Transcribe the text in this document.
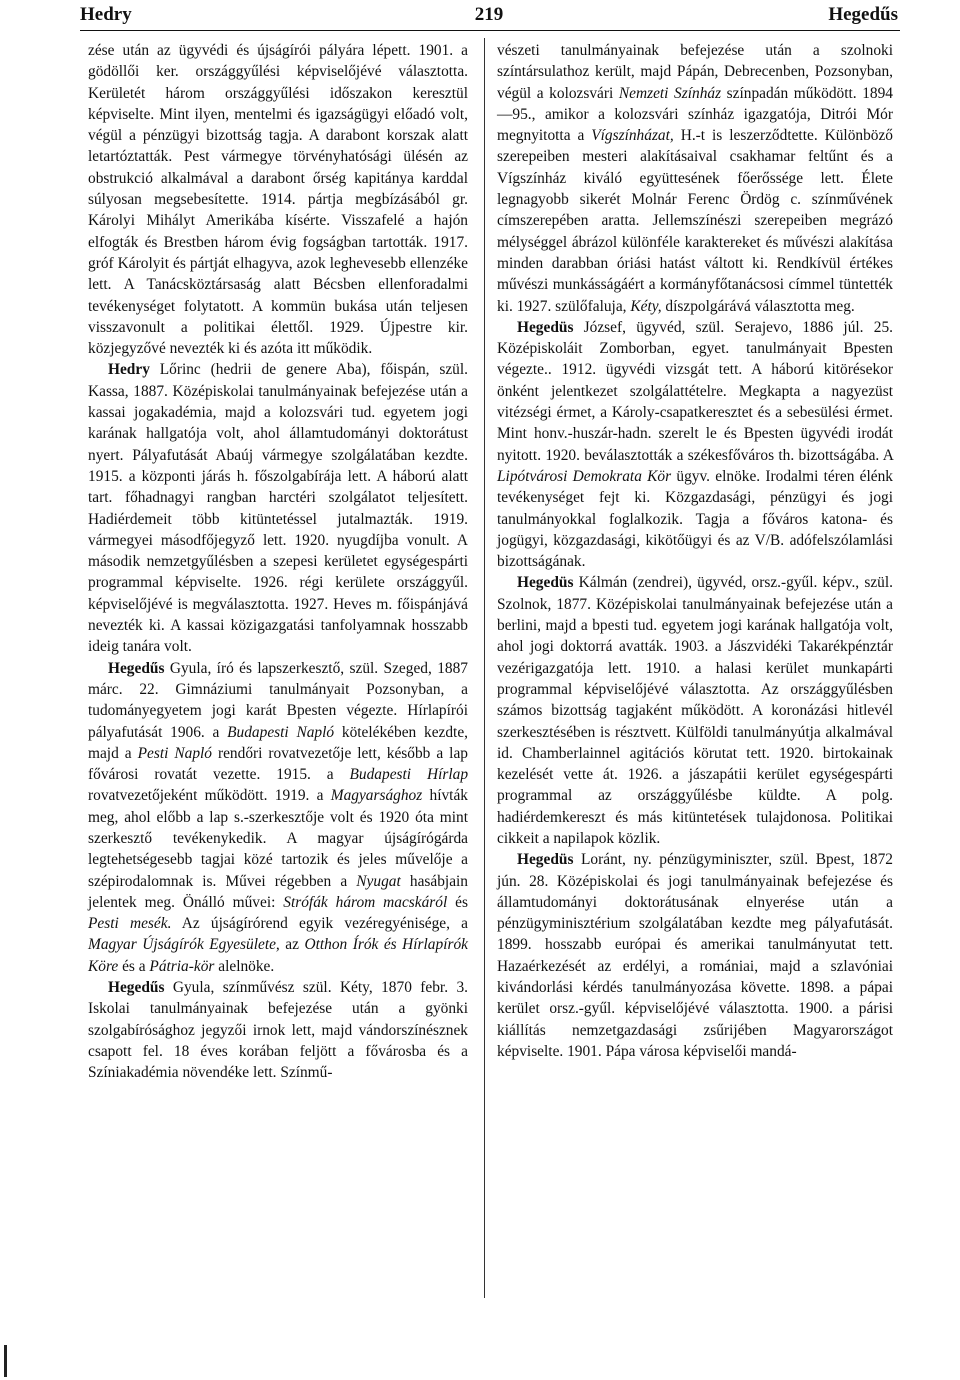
Hedry	219	Hegedűs

zése után az ügyvédi és újságírói pályára lépett. 1901. a gödöllői ker. országgyűlési képviselőjévé választotta. Kerületét három országgyűlési időszakon keresztül képviselte. Mint ilyen, mentelmi és igazságügyi előadó volt, végül a pénzügyi bizottság tagja. A darabont korszak alatt letartóztatták. Pest vármegye törvényhatósági ülésén az obstrukció alkalmával a darabont őrség kapitánya karddal súlyosan megsebesítette. 1914. pártja megbízásából gr. Károlyi Mihályt Amerikába kísérte. Visszafelé a hajón elfogták és Brestben három évig fogságban tartották. 1917. gróf Károlyit és pártját elhagyva, azok leghevesebb ellenzéke lett. A Tanácsköztársaság alatt Bécsben ellenforadalmi tevékenységet folytatott. A kommün bukása után teljesen visszavonult a politikai élettől. 1929. Újpestre kir. közjegyzővé nevezték ki és azóta itt működik.

Hedry Lőrinc (hedrii de genere Aba), főispán, szül. Kassa, 1887. Középiskolai tanulmányainak befejezése után a kassai jogakadémia, majd a kolozsvári tud. egyetem jogi karának hallgatója volt, ahol államtudományi doktorátust nyert. Pályafutását Abaúj vármegye szolgálatában kezdte. 1915. a központi járás h. főszolgabírája lett. A háború alatt tart. főhadnagyi rangban harctéri szolgálatot teljesített. Hadiérdemeit több kitüntetéssel jutalmazták. 1919. vármegyei másodfőjegyző lett. 1920. nyugdíjba vonult. A második nemzetgyűlésben a szepesi kerületet egységespárti programmal képviselte. 1926. régi kerülete országgyűl. képviselőjévé is megválasztotta. 1927. Heves m. főispánjává nevezték ki. A kassai közigazgatási tanfolyamnak hosszabb ideig tanára volt.

Hegedűs Gyula, író és lapszerkesztő, szül. Szeged, 1887 márc. 22. Gimnáziumi tanulmányait Pozsonyban, a tudományegyetem jogi karát Bpesten végezte. Hírlapírói pályafutását 1906. a Budapesti Napló kötelékében kezdte, majd a Pesti Napló rendőri rovatvezetője lett, később a lap fővárosi rovatát vezette. 1915. a Budapesti Hírlap rovatvezetőjeként működött. 1919. a Magyarsághoz hívták meg, ahol előbb a lap s.-szerkesztője volt és 1920 óta mint szerkesztő tevékenykedik. A magyar újságírógárda legtehetségesebb tagjai közé tartozik és jeles művelője a szépirodalomnak is. Művei régebben a Nyugat hasábjain jelentek meg. Önálló művei: Strófák három macskáról és Pesti mesék. Az újságírórend egyik vezéregyénisége, a Magyar Újságírók Egyesülete, az Otthon Írók és Hírlapírók Köre és a Pátria-kör alelnöke.

Hegedűs Gyula, színművész szül. Kéty, 1870 febr. 3. Iskolai tanulmányainak befejezése után a gyönki szolgabírósághoz jegyzői irnok lett, majd vándorszínésznek csapott fel. 18 éves korában feljött a fővárosba és a Színiakadémia növendéke lett. Színmű-

vészeti tanulmányainak befejezése után a szolnoki színtársulathoz került, majd Pápán, Debrecenben, Pozsonyban, végül a kolozsvári Nemzeti Színház színpadán működött. 1894—95., amikor a kolozsvári színház igazgatója, Ditrói Mór megnyitotta a Vígszínházat, H.-t is leszerződtette. Különböző szerepeiben mesteri alakításaival csakhamar feltűnt és a Vígszínház kiváló együttesének főerőssége lett. Élete legnagyobb sikerét Molnár Ferenc Ördög c. színművének címszerepében aratta. Jellemszínészi szerepeiben megrázó mélységgel ábrázol különféle karaktereket és művészi alakítása minden darabban óriási hatást váltott ki. Rendkívül értékes művészi munkásságáért a kormányfőtanácsosi címmel tüntették ki. 1927. szülőfaluja, Kéty, díszpolgárává választotta meg.

Hegedüs József, ügyvéd, szül. Serajevo, 1886 júl. 25. Középiskoláit Zomborban, egyet. tanulmányait Bpesten végezte.. 1912. ügyvédi vizsgát tett. A háború kitörésekor önként jelentkezet szolgálattételre. Megkapta a nagyezüst vitézségi érmet, a Károly-csapatkeresztet és a sebesülési érmet. Mint honv.-huszár-hadn. szerelt le és Bpesten ügyvédi irodát nyitott. 1920. beválasztották a székesfőváros th. bizottságába. A Lipótvárosi Demokrata Kör ügyv. elnöke. Irodalmi téren élénk tevékenységet fejt ki. Közgazdasági, pénzügyi és jogi tanulmányokkal foglalkozik. Tagja a főváros katona- és jogügyi, közgazdasági, kikötőügyi és az V/B. adófelszólamlási bizottságának.

Hegedüs Kálmán (zendrei), ügyvéd, orsz.-gyűl. képv., szül. Szolnok, 1877. Középiskolai tanulmányainak befejezése után a berlini, majd a bpesti tud. egyetem jogi karának hallgatója volt, ahol jogi doktorrá avatták. 1903. a Jászvidéki Takarékpénztár vezérigazgatója lett. 1910. a halasi kerület munkapárti programmal képviselőjévé választotta. Az országgyűlésben számos bizottság tagjaként működött. A koronázási hitlevél szerkesztésében is résztvett. Külföldi tanulmányútja alkalmával id. Chamberlainnel agitációs körutat tett. 1920. birtokainak kezelését vette át. 1926. a jászapátii kerület egységespárti programmal az országgyűlésbe küldte. A polg. hadiérdemkereszt és más kitüntetések tulajdonosa. Politikai cikkeit a napilapok közlik.

Hegedüs Loránt, ny. pénzügyminiszter, szül. Bpest, 1872 jún. 28. Középiskolai és jogi tanulmányainak befejezése és államtudományi doktorátusának elnyerése után a pénzügyminisztérium szolgálatában kezdte meg pályafutását. 1899. hosszabb európai és amerikai tanulmányutat tett. Hazaérkezését az erdélyi, a romániai, majd a szlavóniai kivándorlási kérdés tanulmányozása követte. 1898. a pápai kerület orsz.-gyűl. képviselőjévé választotta. 1900. a párisi kiállítás nemzetgazdasági zsűrijében Magyarországot képviselte. 1901. Pápa városa képviselői mandá-
